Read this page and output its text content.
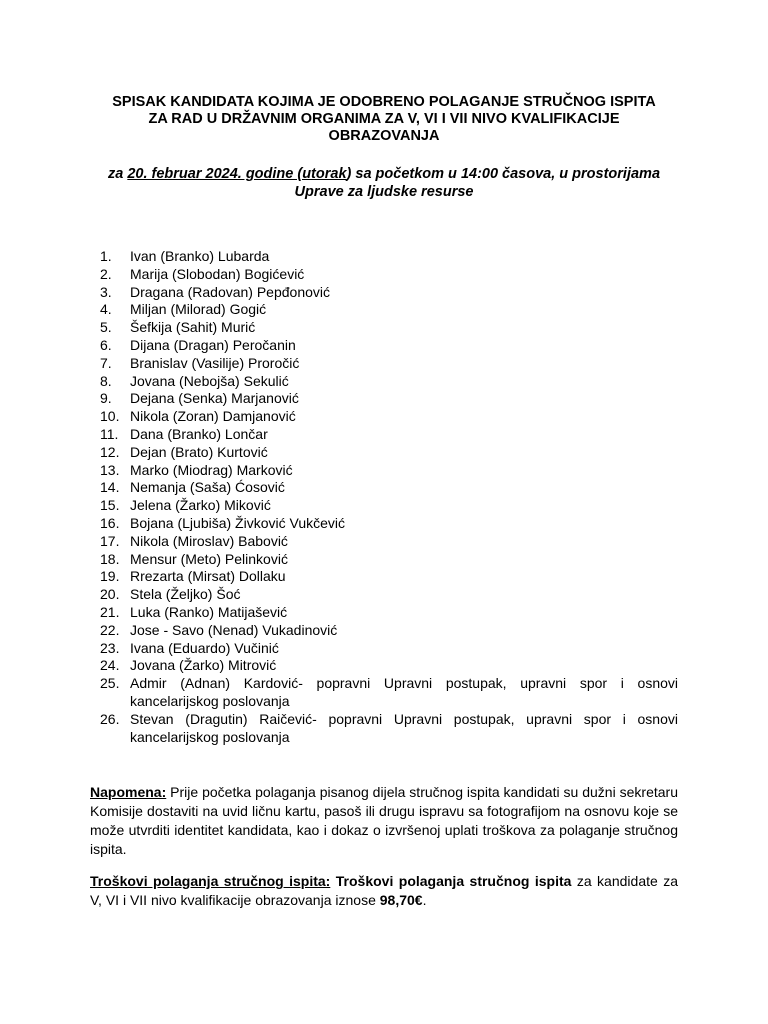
SPISAK KANDIDATA KOJIMA JE ODOBRENO POLAGANJE STRUČNOG ISPITA
ZA RAD U DRŽAVNIM ORGANIMA ZA V, VI I VII NIVO KVALIFIKACIJE
OBRAZOVANJA

za 20. februar 2024. godine (utorak) sa početkom u 14:00 časova, u prostorijama
Uprave za ljudske resurse

1.	Ivan (Branko) Lubarda
2.	Marija (Slobodan) Bogićević
3.	Dragana (Radovan) Pepđonović
4.	Miljan (Milorad) Gogić
5.	Šefkija (Sahit) Murić
6.	Dijana (Dragan) Peročanin
7.	Branislav (Vasilije) Proročić
8.	Jovana (Nebojša) Sekulić
9.	Dejana (Senka) Marjanović
10. Nikola (Zoran) Damjanović
11. Dana (Branko) Lončar
12. Dejan (Brato) Kurtović
13. Marko (Miodrag) Marković
14. Nemanja (Saša) Ćosović
15. Jelena (Žarko) Miković
16. Bojana (Ljubiša) Živković Vukčević
17. Nikola (Miroslav) Babović
18. Mensur (Meto) Pelinković
19. Rrezarta (Mirsat) Dollaku
20. Stela (Željko) Šoć
21. Luka (Ranko) Matijašević
22. Jose - Savo (Nenad) Vukadinović
23. Ivana (Eduardo) Vučinić
24. Jovana (Žarko) Mitrović
25. Admir (Adnan) Kardović- popravni Upravni postupak, upravni spor i osnovi kancelarijskog poslovanja
26. Stevan (Dragutin) Raičević- popravni Upravni postupak, upravni spor i osnovi kancelarijskog poslovanja

Napomena: Prije početka polaganja pisanog dijela stručnog ispita kandidati su dužni sekretaru Komisije dostaviti na uvid ličnu kartu, pasoš ili drugu ispravu sa fotografijom na osnovu koje se može utvrditi identitet kandidata, kao i dokaz o izvršenoj uplati troškova za polaganje stručnog ispita.

Troškovi polaganja stručnog ispita: Troškovi polaganja stručnog ispita za kandidate za V, VI i VII nivo kvalifikacije obrazovanja iznose 98,70€.
